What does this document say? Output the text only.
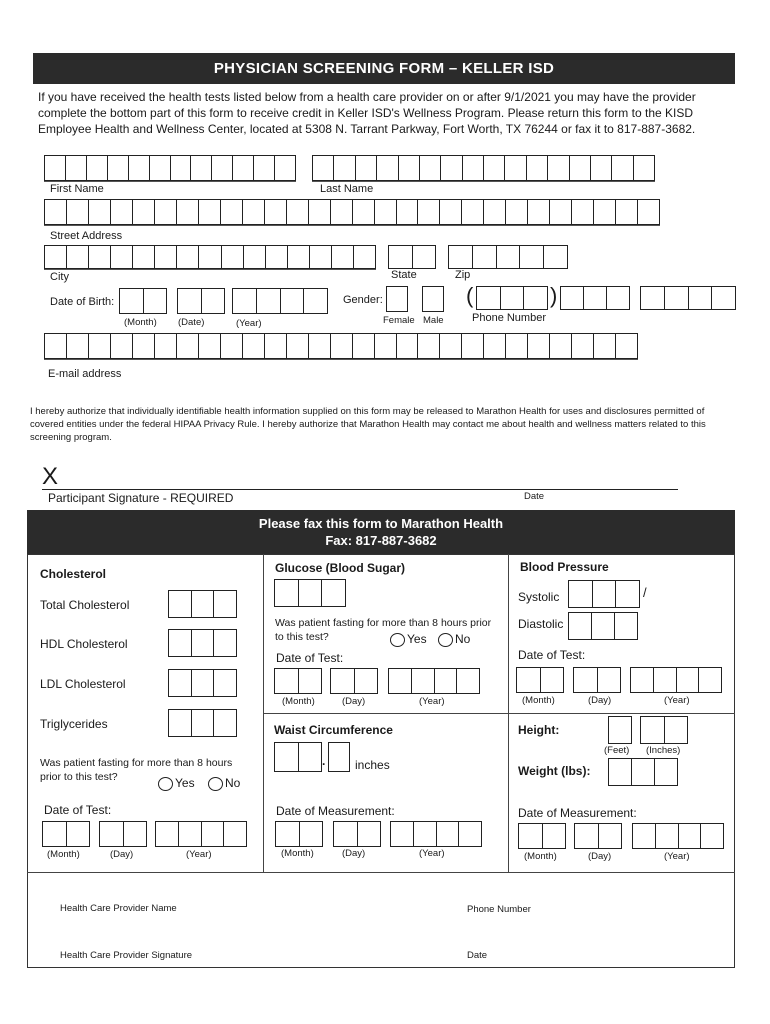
PHYSICIAN SCREENING FORM – KELLER ISD
If you have received the health tests listed below from a health care provider on or after 9/1/2021 you may have the provider complete the bottom part of this form to receive credit in Keller ISD's Wellness Program. Please return this form to the KISD Employee Health and Wellness Center, located at 5308 N. Tarrant Parkway, Fort Worth, TX 76244 or fax it to 817-887-3682.
First Name	Last Name
Street Address
City	State	Zip
Date of Birth:
(Month) (Date)	(Year)
Gender:
Female Male
(	)
Phone Number
E-mail address
I hereby authorize that individually identifiable health information supplied on this form may be released to Marathon Health for uses and disclosures permitted of covered entities under the federal HIPAA Privacy Rule. I hereby authorize that Marathon Health may contact me about health and wellness matters related to this screening program.
X
Participant Signature - REQUIRED	Date
Please fax this form to Marathon Health
Fax: 817-887-3682
Cholesterol
Total Cholesterol
HDL Cholesterol
LDL Cholesterol
Triglycerides
Was patient fasting for more than 8 hours prior to this test?	Yes	No
Date of Test:
(Month)	(Day)	(Year)
Glucose (Blood Sugar)
Was patient fasting for more than 8 hours prior to this test?	Yes	No
Date of Test:
(Month)	(Day)	(Year)
Blood Pressure
Systolic	/
Diastolic
Date of Test:
(Month)	(Day)	(Year)
Waist Circumference
. inches
Date of Measurement:
(Month)	(Day)	(Year)
Height:
(Feet) (Inches)
Weight (lbs):
Date of Measurement:
(Month)	(Day)	(Year)
Health Care Provider Name	Phone Number
Health Care Provider Signature	Date
